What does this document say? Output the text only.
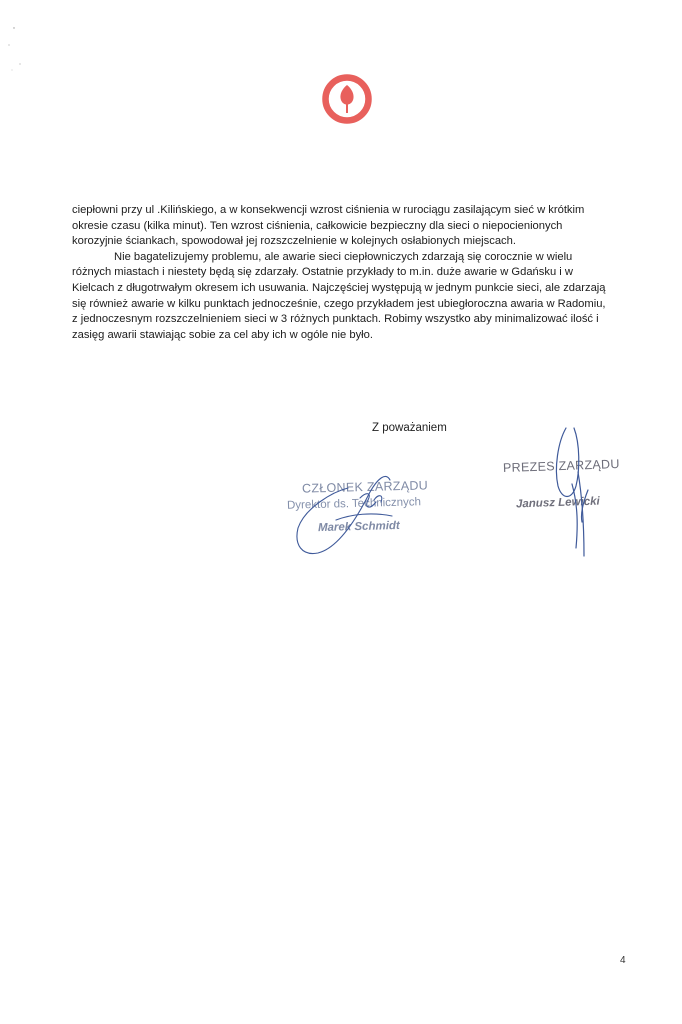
ciepłowni przy ul .Kilińskiego, a w konsekwencji wzrost ciśnienia w rurociągu zasilającym sieć w krótkim okresie czasu (kilka minut). Ten wzrost ciśnienia, całkowicie bezpieczny dla sieci o niepocienionych korozyjnie ściankach, spowodował jej rozszczelnienie w kolejnych osłabionych miejscach.

Nie bagatelizujemy problemu, ale awarie sieci ciepłowniczych zdarzają się corocznie w wielu różnych miastach i niestety będą się zdarzały. Ostatnie przykłady to m.in. duże awarie w Gdańsku i w Kielcach z długotrwałym okresem ich usuwania. Najczęściej występują w jednym punkcie sieci, ale zdarzają się również awarie w kilku punktach jednocześnie, czego przykładem jest ubiegłoroczna awaria w Radomiu, z jednoczesnym rozszczelnieniem sieci w 3 różnych punktach. Robimy wszystko aby minimalizować ilość i zasięg awarii stawiając sobie za cel aby ich w ogóle nie było.

Z poważaniem
CZŁONEK ZARZĄDU
Dyrektor ds. Technicznych
Marek Schmidt
PREZES ZARZĄDU
Janusz Lewicki
4
